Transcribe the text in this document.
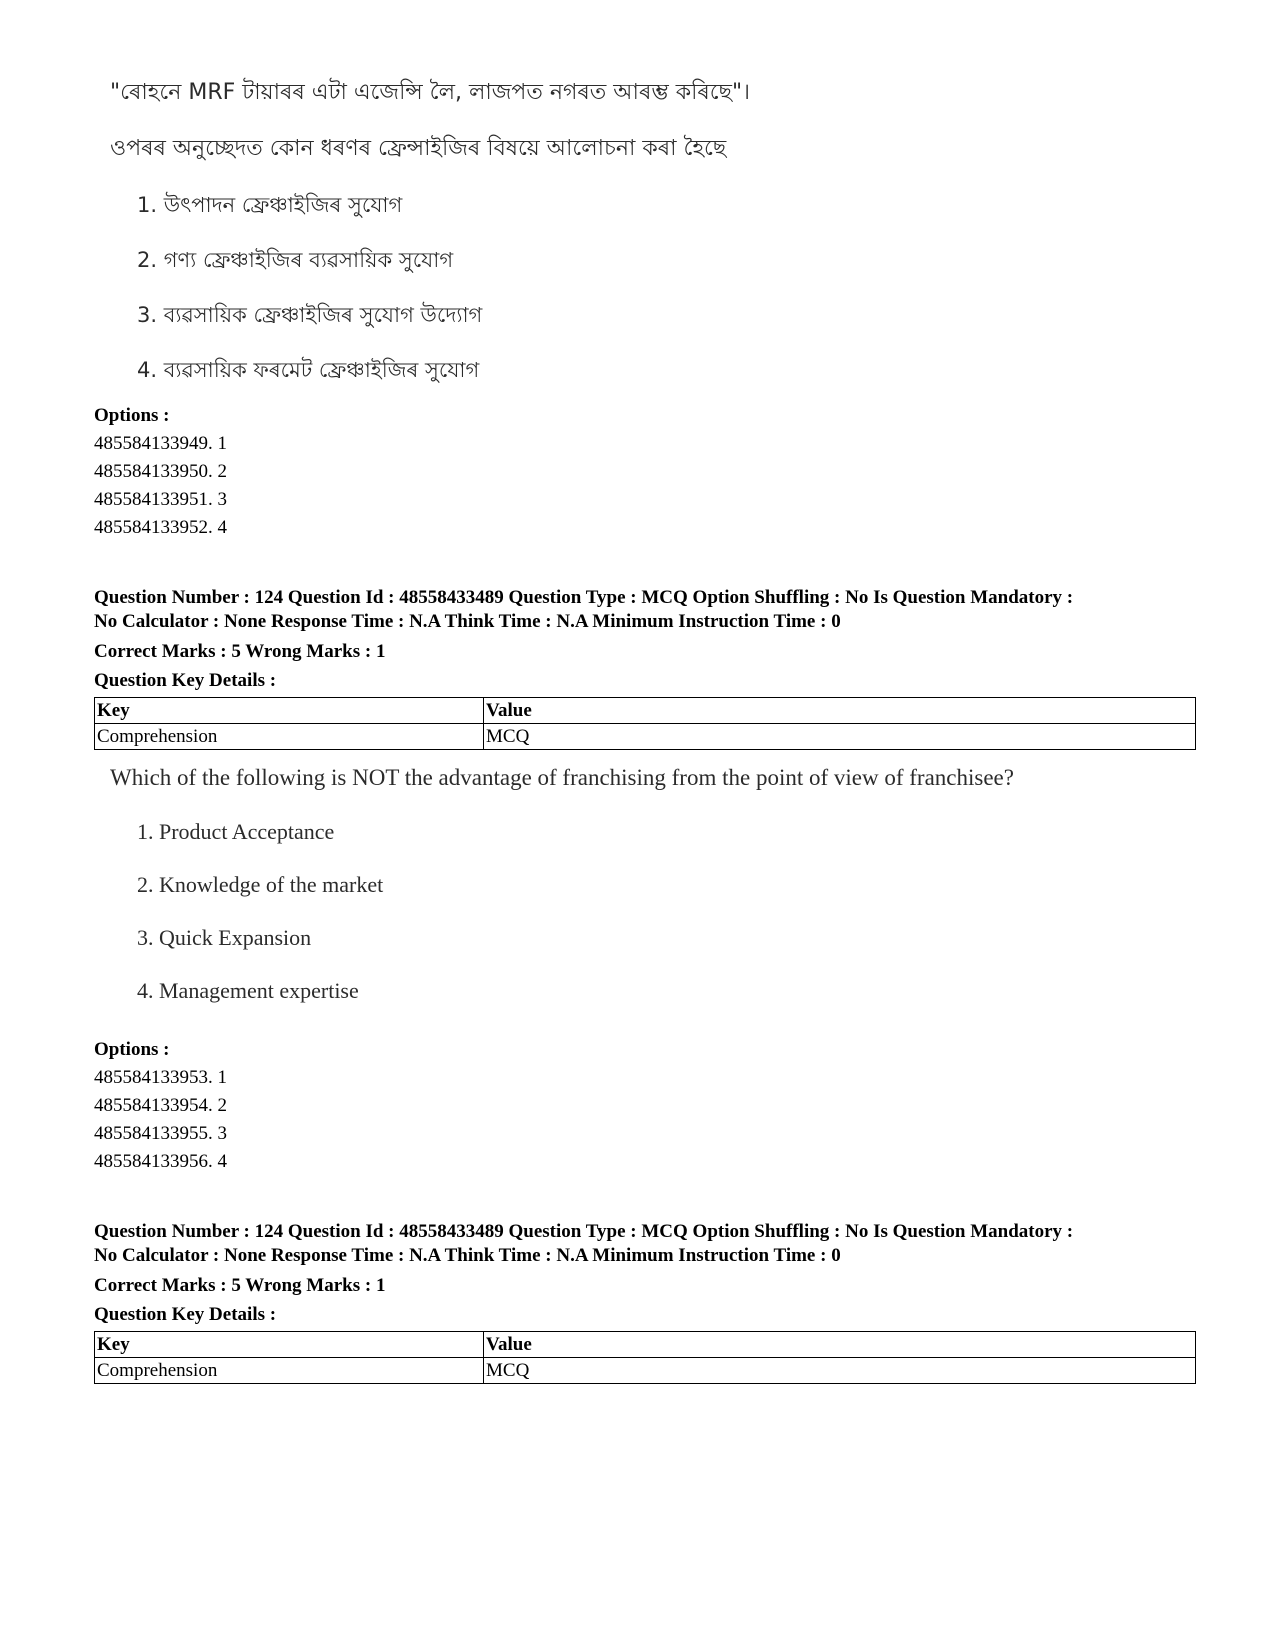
"ৰোহনে MRF টায়াৰৰ এটা এজেন্সি লৈ, লাজপত নগৰত আৰম্ভ কৰিছে"।
ওপৰৰ অনুচ্ছেদত কোন ধৰণৰ ফ্ৰেন্সাইজিৰ বিষয়ে আলোচনা কৰা হৈছে
1. উৎপাদন ফ্ৰেঞ্চাইজিৰ সুযোগ
2. গণ্য ফ্ৰেঞ্চাইজিৰ ব্যৱসায়িক সুযোগ
3. ব্যৱসায়িক ফ্ৰেঞ্চাইজিৰ সুযোগ উদ্যোগ
4. ব্যৱসায়িক ফৰমেট ফ্ৰেঞ্চাইজিৰ সুযোগ
Options :
485584133949. 1
485584133950. 2
485584133951. 3
485584133952. 4
Question Number : 124 Question Id : 48558433489 Question Type : MCQ Option Shuffling : No Is Question Mandatory :
No Calculator : None Response Time : N.A Think Time : N.A Minimum Instruction Time : 0
Correct Marks : 5 Wrong Marks : 1
Question Key Details :
Key	Value
Comprehension	MCQ
Which of the following is NOT the advantage of franchising from the point of view of franchisee?
1. Product Acceptance
2. Knowledge of the market
3. Quick Expansion
4. Management expertise
Options :
485584133953. 1
485584133954. 2
485584133955. 3
485584133956. 4
Question Number : 124 Question Id : 48558433489 Question Type : MCQ Option Shuffling : No Is Question Mandatory :
No Calculator : None Response Time : N.A Think Time : N.A Minimum Instruction Time : 0
Correct Marks : 5 Wrong Marks : 1
Question Key Details :
Key	Value
Comprehension	MCQ
